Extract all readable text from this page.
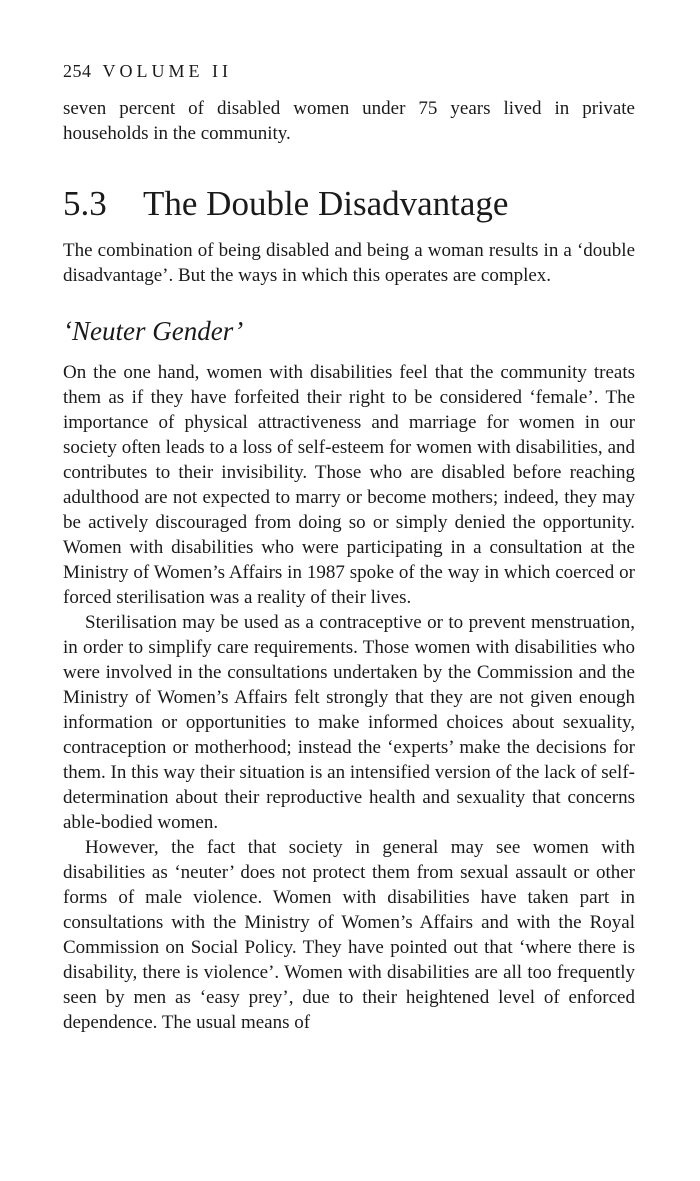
254 VOLUME II

seven percent of disabled women under 75 years lived in private households in the community.

5.3 The Double Disadvantage

The combination of being disabled and being a woman results in a ‘double disadvantage’. But the ways in which this operates are complex.

‘Neuter Gender’

On the one hand, women with disabilities feel that the community treats them as if they have forfeited their right to be considered ‘female’. The importance of physical attractiveness and marriage for women in our society often leads to a loss of self-esteem for women with disabilities, and contributes to their invisibility. Those who are disabled before reaching adulthood are not expected to marry or become mothers; indeed, they may be actively discouraged from doing so or simply denied the opportunity. Women with disabilities who were participating in a consultation at the Ministry of Women’s Affairs in 1987 spoke of the way in which coerced or forced sterilisation was a reality of their lives.

Sterilisation may be used as a contraceptive or to prevent menstruation, in order to simplify care requirements. Those women with disabilities who were involved in the consultations undertaken by the Commission and the Ministry of Women’s Affairs felt strongly that they are not given enough information or opportunities to make informed choices about sexuality, contraception or motherhood; instead the ‘experts’ make the decisions for them. In this way their situation is an intensified version of the lack of self-determination about their reproductive health and sexuality that concerns able-bodied women.

However, the fact that society in general may see women with disabilities as ‘neuter’ does not protect them from sexual assault or other forms of male violence. Women with disabilities have taken part in consultations with the Ministry of Women’s Affairs and with the Royal Commission on Social Policy. They have pointed out that ‘where there is disability, there is violence’. Women with disabilities are all too frequently seen by men as ‘easy prey’, due to their heightened level of enforced dependence. The usual means of
